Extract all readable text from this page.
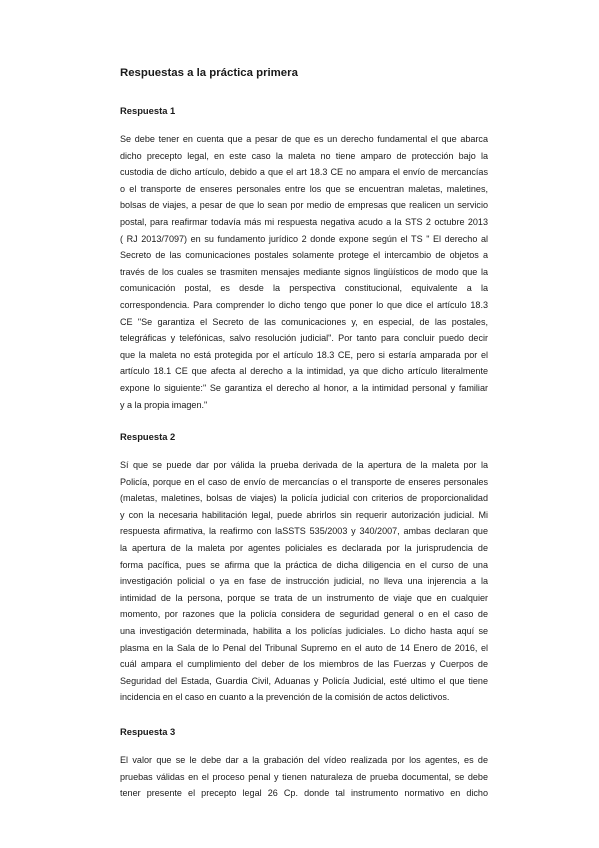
Respuestas a la práctica primera
Respuesta 1
Se debe tener en cuenta que a pesar de que es un derecho fundamental el que abarca
dicho precepto legal, en este caso la maleta no tiene amparo de protección bajo la
custodia de dicho artículo, debido a que el art 18.3 CE no ampara el envío de mercancías
o el transporte de enseres personales entre los que se encuentran maletas, maletines,
bolsas de viajes, a pesar de que lo sean por medio de empresas que realicen un servicio
postal, para reafirmar todavía más mi respuesta negativa acudo a la STS 2 octubre 2013
( RJ 2013/7097) en su fundamento jurídico 2 donde expone según el TS " El derecho al
Secreto de las comunicaciones postales solamente protege el intercambio de objetos a
través de los cuales se trasmiten mensajes mediante signos lingüísticos de modo que la
comunicación postal, es desde la perspectiva constitucional, equivalente a la
correspondencia. Para comprender lo dicho tengo que poner lo que dice el artículo 18.3
CE "Se garantiza el Secreto de las comunicaciones y, en especial, de las postales,
telegráficas y telefónicas, salvo resolución judicial". Por tanto para concluir puedo decir
que la maleta no está protegida por el artículo 18.3 CE, pero si estaría amparada por el
artículo 18.1 CE que afecta al derecho a la intimidad, ya que dicho artículo literalmente
expone lo siguiente:" Se garantiza el derecho al honor, a la intimidad personal y familiar
y a la propia imagen."
Respuesta 2
Sí que se puede dar por válida la prueba derivada de la apertura de la maleta por la
Policía, porque en el caso de envío de mercancías o el transporte de enseres personales
(maletas, maletines, bolsas de viajes) la policía judicial con criterios de proporcionalidad
y con la necesaria habilitación legal, puede abrirlos sin requerir autorización judicial. Mi
respuesta afirmativa, la reafirmo con laSSTS 535/2003 y 340/2007, ambas declaran que
la apertura de la maleta por agentes policiales es declarada por la jurisprudencia de
forma pacífica, pues se afirma que la práctica de dicha diligencia en el curso de una
investigación policial o ya en fase de instrucción judicial, no lleva una injerencia a la
intimidad de la persona, porque se trata de un instrumento de viaje que en cualquier
momento, por razones que la policía considera de seguridad general o en el caso de
una investigación determinada, habilita a los policías judiciales. Lo dicho hasta aquí se
plasma en la Sala de lo Penal del Tribunal Supremo en el auto de 14 Enero de 2016, el
cuál ampara el cumplimiento del deber de los miembros de las Fuerzas y Cuerpos de
Seguridad del Estada, Guardia Civil, Aduanas y Policía Judicial, esté ultimo el que tiene
incidencia en el caso en cuanto a la prevención de la comisión de actos delictivos.
Respuesta 3
El valor que se le debe dar a la grabación del vídeo realizada por los agentes, es de
pruebas válidas en el proceso penal y tienen naturaleza de prueba documental, se debe
tener presente el precepto legal 26 Cp. donde tal instrumento normativo en dicho
